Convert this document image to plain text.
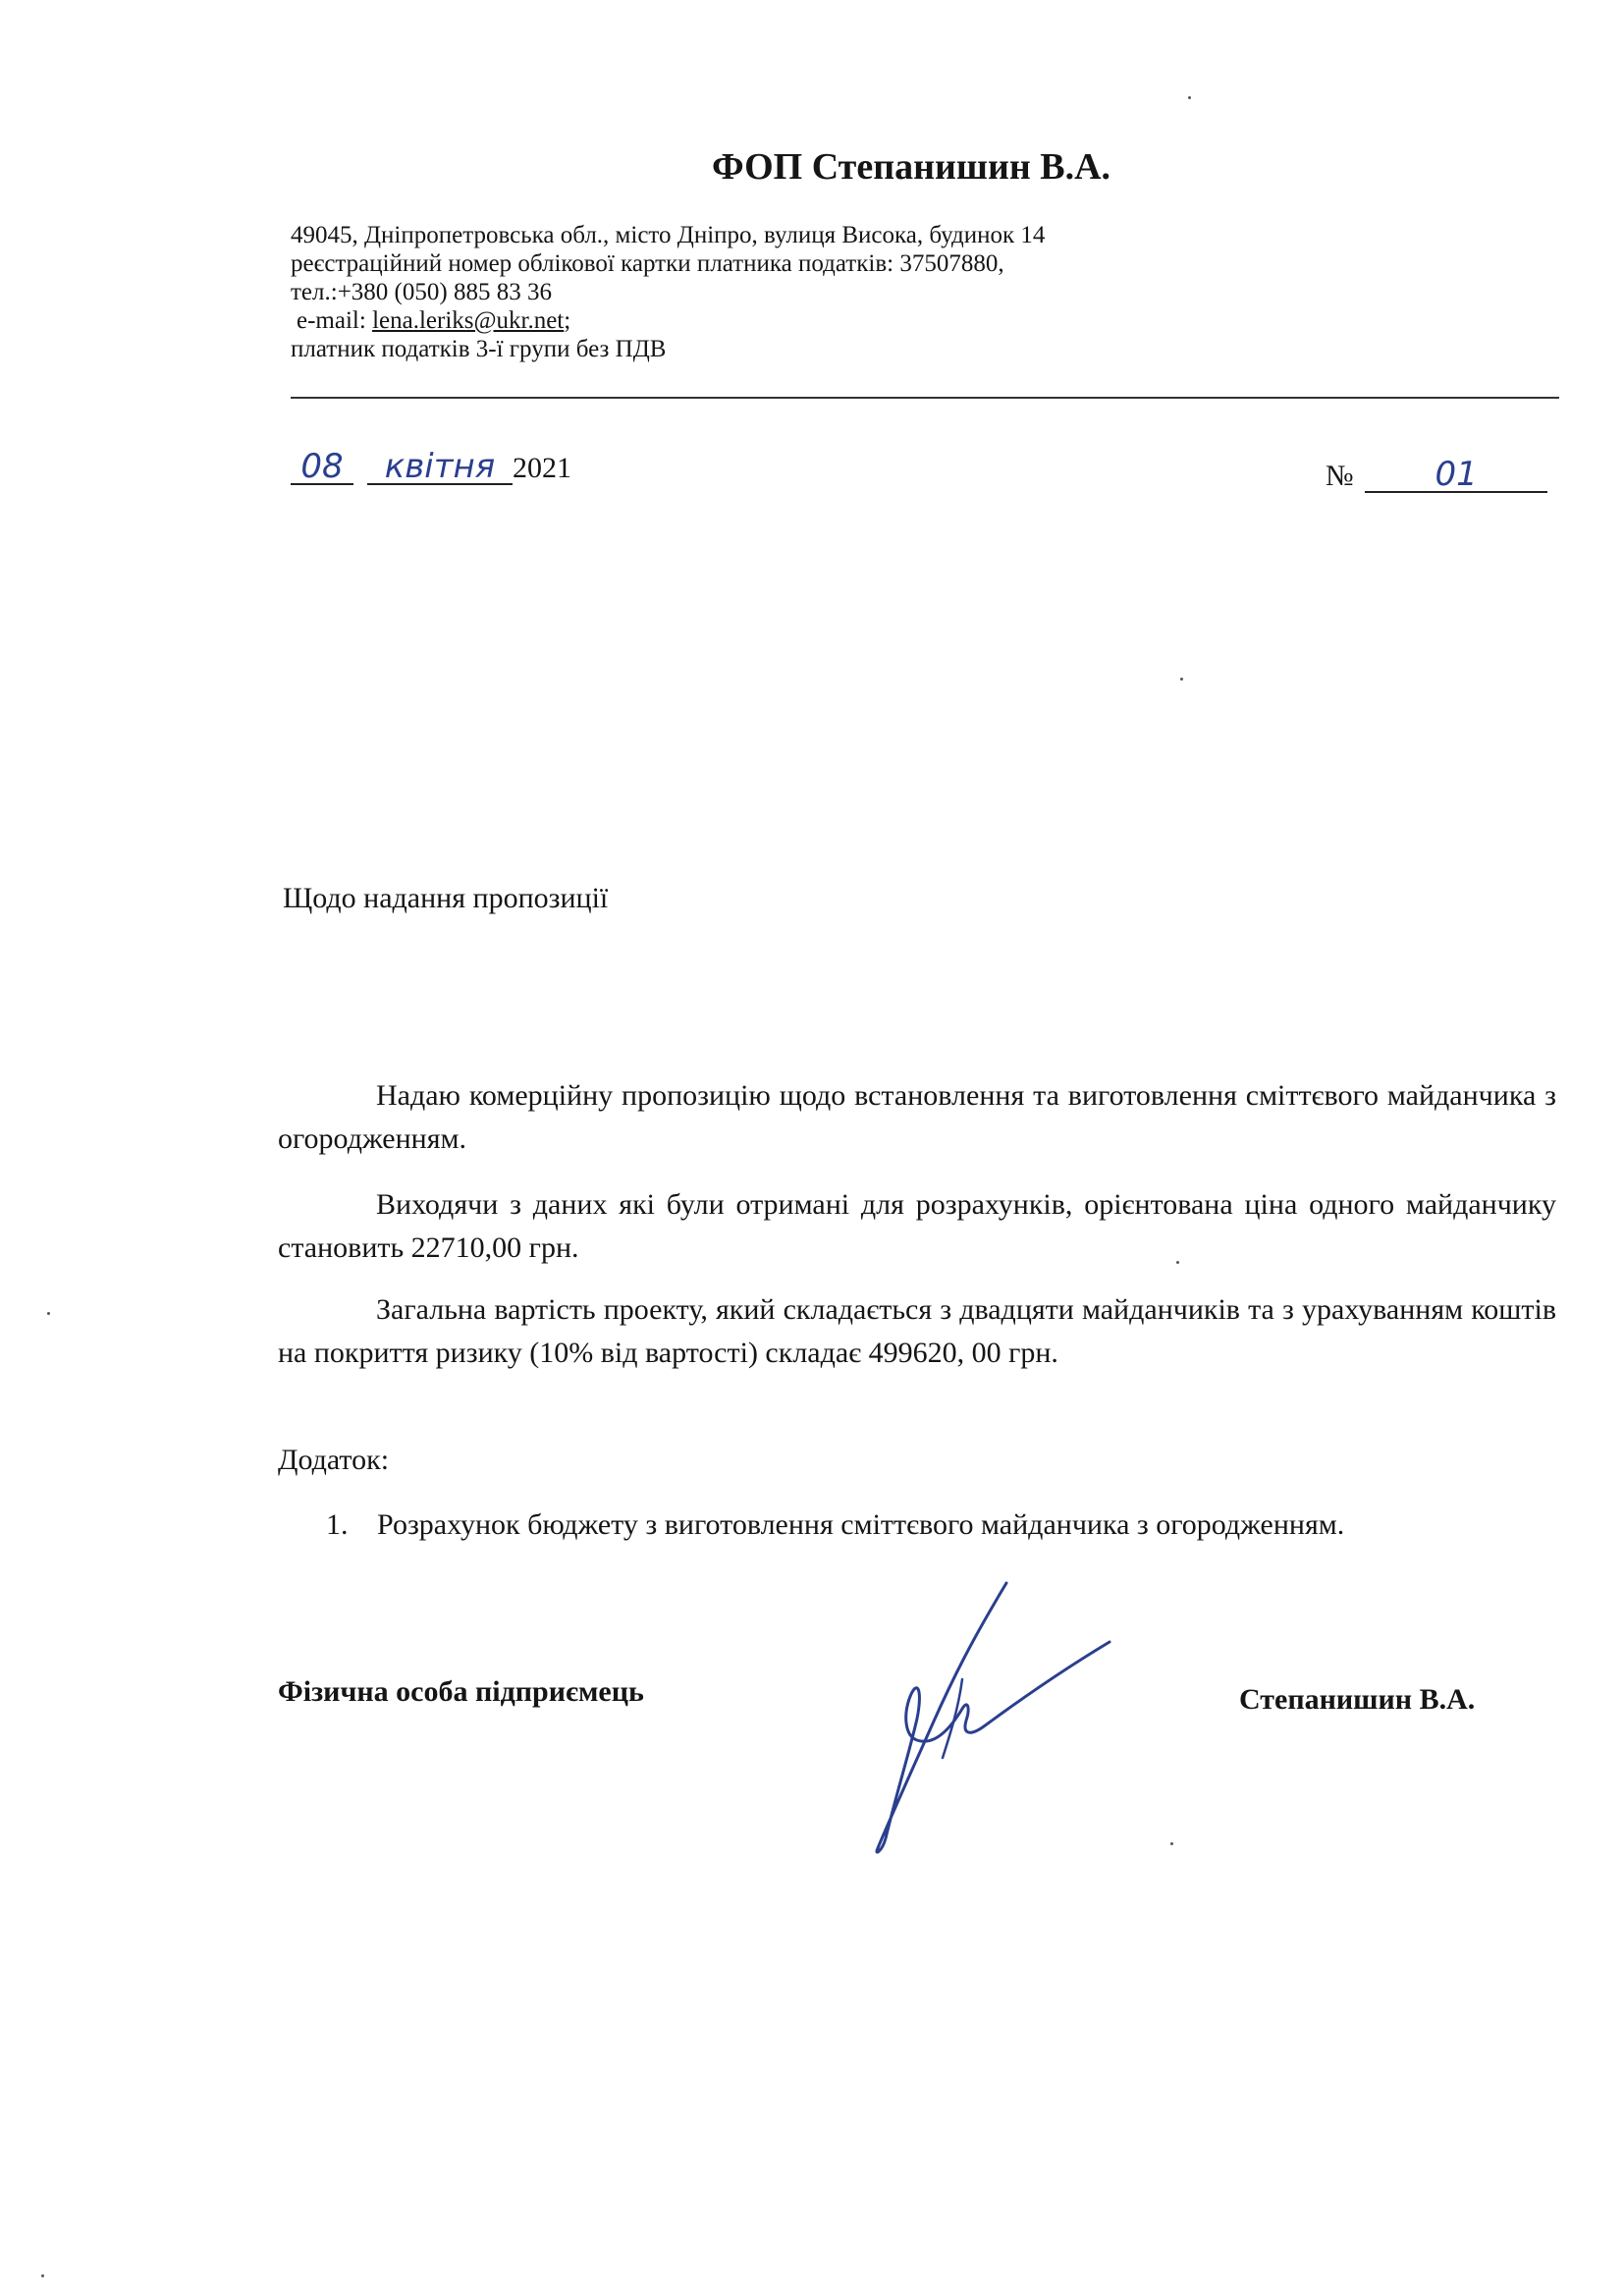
ФОП Степанишин В.А.
49045, Дніпропетровська обл., місто Дніпро, вулиця Висока, будинок 14
реєстраційний номер облікової картки платника податків: 37507880,
тел.:+380 (050) 885 83 36
e-mail: lena.leriks@ukr.net;
платник податків 3-ї групи без ПДВ
08 квітня 2021	№ 01
Щодо надання пропозиції

Надаю комерційну пропозицію щодо встановлення та виготовлення сміттєвого майданчика з огородженням.

Виходячи з даних які були отримані для розрахунків, орієнтована ціна одного майданчику становить 22710,00 грн.

Загальна вартість проекту, який складається з двадцяти майданчиків та з урахуванням коштів на покриття ризику (10% від вартості) складає 499620, 00 грн.

Додаток:
1. Розрахунок бюджету з виготовлення сміттєвого майданчика з огородженням.
Фізична особа підприємець	Степанишин В.А.
